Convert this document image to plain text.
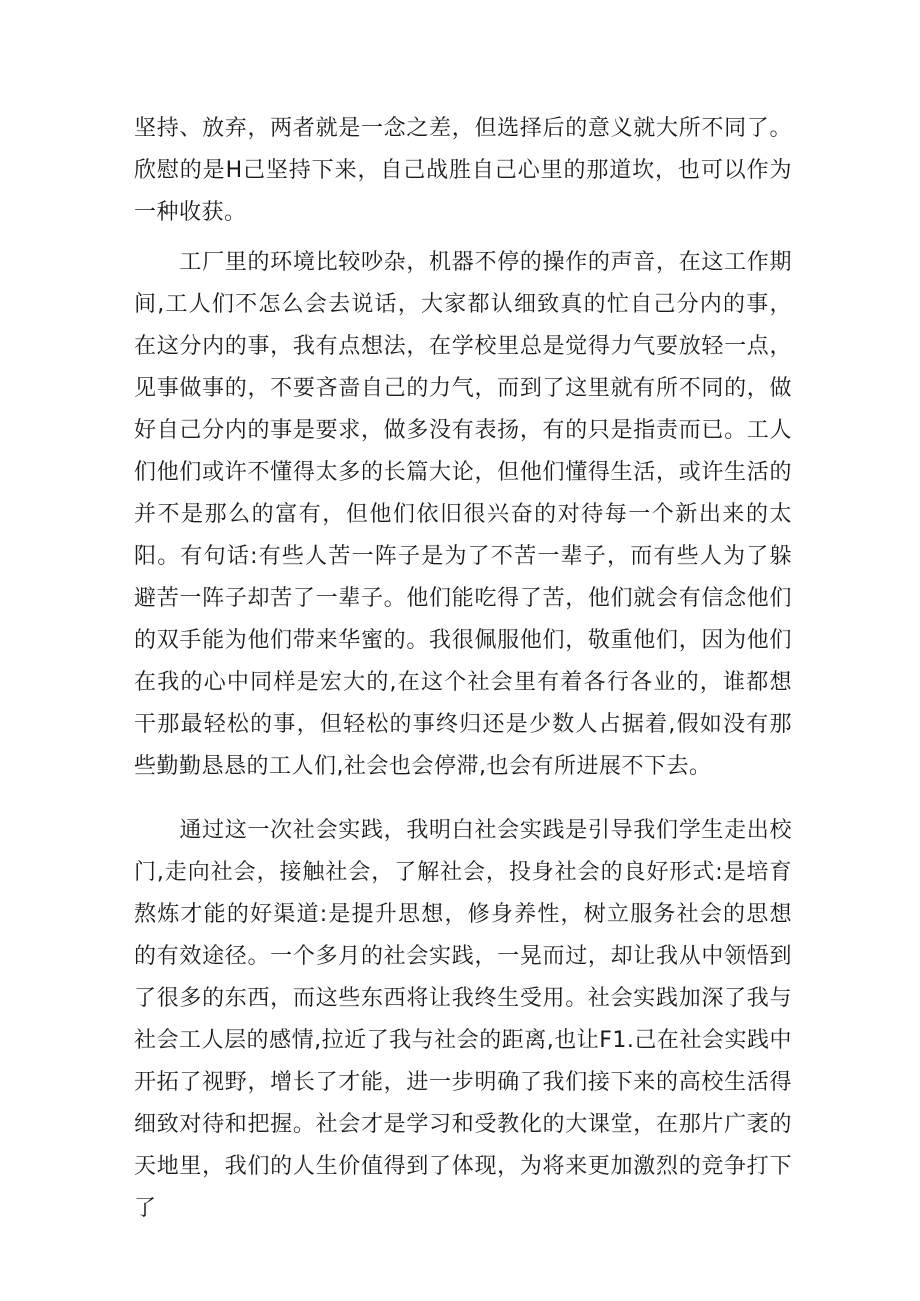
坚持、放弃，两者就是一念之差，但选择后的意义就大所不同了。欣慰的是H己坚持下来，自己战胜自己心里的那道坎，也可以作为一种收获。

　　工厂里的环境比较吵杂，机器不停的操作的声音，在这工作期间,工人们不怎么会去说话，大家都认细致真的忙自己分内的事，在这分内的事，我有点想法，在学校里总是觉得力气要放轻一点，见事做事的，不要吝啬自己的力气，而到了这里就有所不同的，做好自己分内的事是要求，做多没有表扬，有的只是指责而已。工人们他们或许不懂得太多的长篇大论，但他们懂得生活，或许生活的并不是那么的富有，但他们依旧很兴奋的对待每一个新出来的太阳。有句话:有些人苦一阵子是为了不苦一辈子，而有些人为了躲避苦一阵子却苦了一辈子。他们能吃得了苦，他们就会有信念他们的双手能为他们带来华蜜的。我很佩服他们，敬重他们，因为他们在我的心中同样是宏大的,在这个社会里有着各行各业的，谁都想干那最轻松的事，但轻松的事终归还是少数人占据着,假如没有那些勤勤恳恳的工人们,社会也会停滞,也会有所进展不下去。

　　通过这一次社会实践，我明白社会实践是引导我们学生走出校门,走向社会，接触社会，了解社会，投身社会的良好形式:是培育熬炼才能的好渠道:是提升思想，修身养性，树立服务社会的思想的有效途径。一个多月的社会实践，一晃而过，却让我从中领悟到了很多的东西，而这些东西将让我终生受用。社会实践加深了我与社会工人层的感情,拉近了我与社会的距离,也让F1.己在社会实践中开拓了视野，增长了才能，进一步明确了我们接下来的高校生活得细致对待和把握。社会才是学习和受教化的大课堂，在那片广袤的天地里，我们的人生价值得到了体现，为将来更加激烈的竞争打下了
